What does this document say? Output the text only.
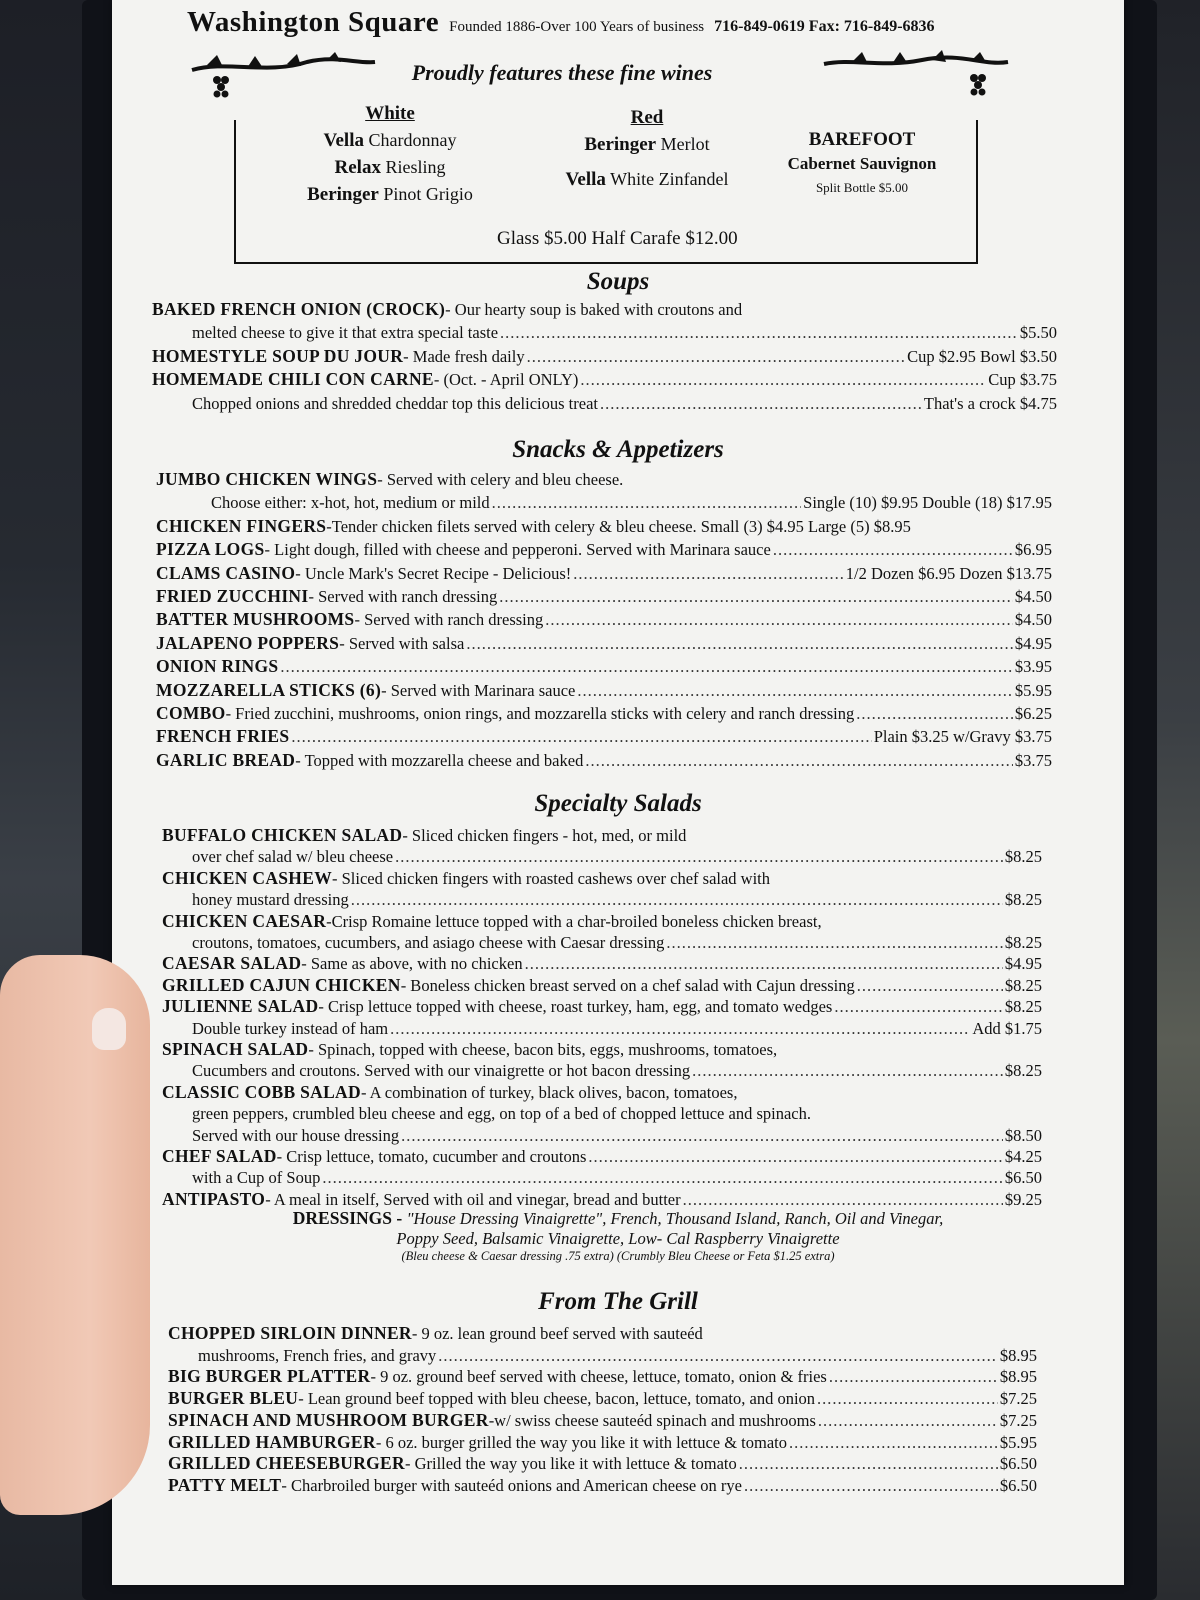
Washington Square Founded 1886-Over 100 Years of business 716-849-0619 Fax: 716-849-6836
Proudly features these fine wines
White
Vella Chardonnay
Relax Riesling
Beringer Pinot Grigio
Red
Beringer Merlot
Vella White Zinfandel
BAREFOOT
Cabernet Sauvignon
Split Bottle $5.00
Glass $5.00 Half Carafe $12.00
Soups
BAKED FRENCH ONION (CROCK) - Our hearty soup is baked with croutons and
melted cheese to give it that extra special taste .....	$5.50
HOMESTYLE SOUP DU JOUR - Made fresh daily .....	Cup $2.95 Bowl $3.50
HOMEMADE CHILI CON CARNE - (Oct. - April ONLY) .....	Cup $3.75
Chopped onions and shredded cheddar top this delicious treat .....	That's a crock $4.75
Snacks & Appetizers
JUMBO CHICKEN WINGS - Served with celery and bleu cheese.
Choose either: x-hot, hot, medium or mild .....	Single (10) $9.95 Double (18) $17.95
CHICKEN FINGERS -Tender chicken filets served with celery & bleu cheese. Small (3) $4.95 Large (5) $8.95
PIZZA LOGS - Light dough, filled with cheese and pepperoni. Served with Marinara sauce .....	$6.95
CLAMS CASINO - Uncle Mark's Secret Recipe - Delicious! .....	1/2 Dozen $6.95 Dozen $13.75
FRIED ZUCCHINI - Served with ranch dressing .....	$4.50
BATTER MUSHROOMS - Served with ranch dressing .....	$4.50
JALAPENO POPPERS - Served with salsa .....	$4.95
ONION RINGS .....	$3.95
MOZZARELLA STICKS (6) - Served with Marinara sauce .....	$5.95
COMBO - Fried zucchini, mushrooms, onion rings, and mozzarella sticks with celery and ranch dressing .....	$6.25
FRENCH FRIES .....	Plain $3.25 w/Gravy $3.75
GARLIC BREAD - Topped with mozzarella cheese and baked .....	$3.75
Specialty Salads
BUFFALO CHICKEN SALAD - Sliced chicken fingers - hot, med, or mild
over chef salad w/ bleu cheese .....	$8.25
CHICKEN CASHEW - Sliced chicken fingers with roasted cashews over chef salad with
honey mustard dressing .....	$8.25
CHICKEN CAESAR -Crisp Romaine lettuce topped with a char-broiled boneless chicken breast,
croutons, tomatoes, cucumbers, and asiago cheese with Caesar dressing .....	$8.25
CAESAR SALAD - Same as above, with no chicken .....	$4.95
GRILLED CAJUN CHICKEN - Boneless chicken breast served on a chef salad with Cajun dressing .....	$8.25
JULIENNE SALAD - Crisp lettuce topped with cheese, roast turkey, ham, egg, and tomato wedges .....	$8.25
Double turkey instead of ham .....	Add $1.75
SPINACH SALAD - Spinach, topped with cheese, bacon bits, eggs, mushrooms, tomatoes,
Cucumbers and croutons. Served with our vinaigrette or hot bacon dressing .....	$8.25
CLASSIC COBB SALAD - A combination of turkey, black olives, bacon, tomatoes,
green peppers, crumbled bleu cheese and egg, on top of a bed of chopped lettuce and spinach.
Served with our house dressing .....	$8.50
CHEF SALAD - Crisp lettuce, tomato, cucumber and croutons .....	$4.25
with a Cup of Soup .....	$6.50
ANTIPASTO - A meal in itself, Served with oil and vinegar, bread and butter .....	$9.25
From The Grill
CHOPPED SIRLOIN DINNER - 9 oz. lean ground beef served with sauteéd
mushrooms, French fries, and gravy .....	$8.95
BIG BURGER PLATTER - 9 oz. ground beef served with cheese, lettuce, tomato, onion & fries .....	$8.95
BURGER BLEU - Lean ground beef topped with bleu cheese, bacon, lettuce, tomato, and onion .....	$7.25
SPINACH AND MUSHROOM BURGER -w/ swiss cheese sauteéd spinach and mushrooms .....	$7.25
GRILLED HAMBURGER - 6 oz. burger grilled the way you like it with lettuce & tomato .....	$5.95
GRILLED CHEESEBURGER - Grilled the way you like it with lettuce & tomato .....	$6.50
PATTY MELT - Charbroiled burger with sauteéd onions and American cheese on rye .....	$6.50
DRESSINGS - "House Dressing Vinaigrette", French, Thousand Island, Ranch, Oil and Vinegar,
Poppy Seed, Balsamic Vinaigrette, Low- Cal Raspberry Vinaigrette
(Bleu cheese & Caesar dressing .75 extra) (Crumbly Bleu Cheese or Feta $1.25 extra)
